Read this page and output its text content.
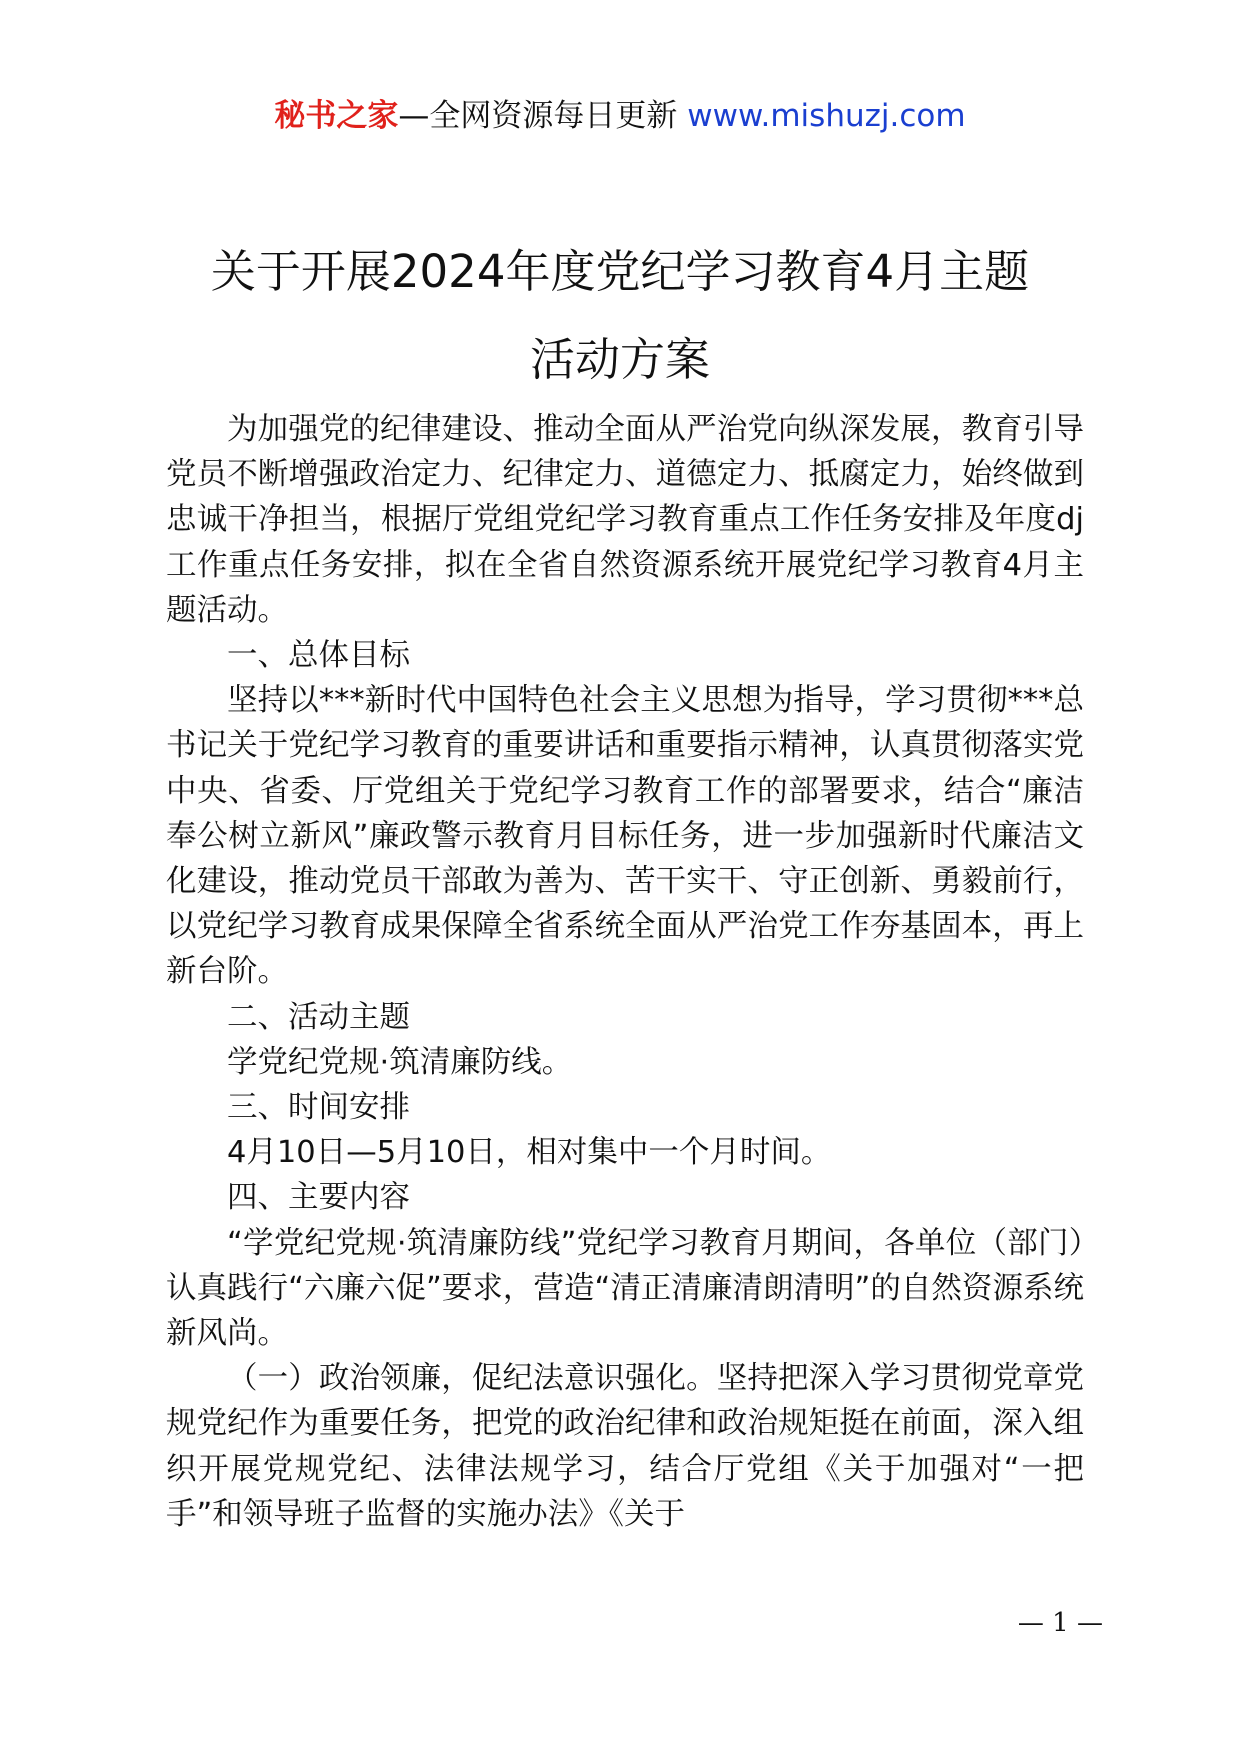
秘书之家—全网资源每日更新 www.mishuzj.com
关于开展2024年度党纪学习教育4月主题
活动方案

为加强党的纪律建设、推动全面从严治党向纵深发展，教育引导党员不断增强政治定力、纪律定力、道德定力、抵腐定力，始终做到忠诚干净担当，根据厅党组党纪学习教育重点工作任务安排及年度dj工作重点任务安排，拟在全省自然资源系统开展党纪学习教育4月主题活动。

一、总体目标

坚持以***新时代中国特色社会主义思想为指导，学习贯彻***总书记关于党纪学习教育的重要讲话和重要指示精神，认真贯彻落实党中央、省委、厅党组关于党纪学习教育工作的部署要求，结合“廉洁奉公树立新风”廉政警示教育月目标任务，进一步加强新时代廉洁文化建设，推动党员干部敢为善为、苦干实干、守正创新、勇毅前行，以党纪学习教育成果保障全省系统全面从严治党工作夯基固本，再上新台阶。

二、活动主题

学党纪党规·筑清廉防线。

三、时间安排

4月10日—5月10日，相对集中一个月时间。

四、主要内容

“学党纪党规·筑清廉防线”党纪学习教育月期间，各单位（部门）认真践行“六廉六促”要求，营造“清正清廉清朗清明”的自然资源系统新风尚。

（一）政治领廉，促纪法意识强化。坚持把深入学习贯彻党章党规党纪作为重要任务，把党的政治纪律和政治规矩挺在前面，深入组织开展党规党纪、法律法规学习，结合厅党组《关于加强对“一把手”和领导班子监督的实施办法》《关于

— 1 —
